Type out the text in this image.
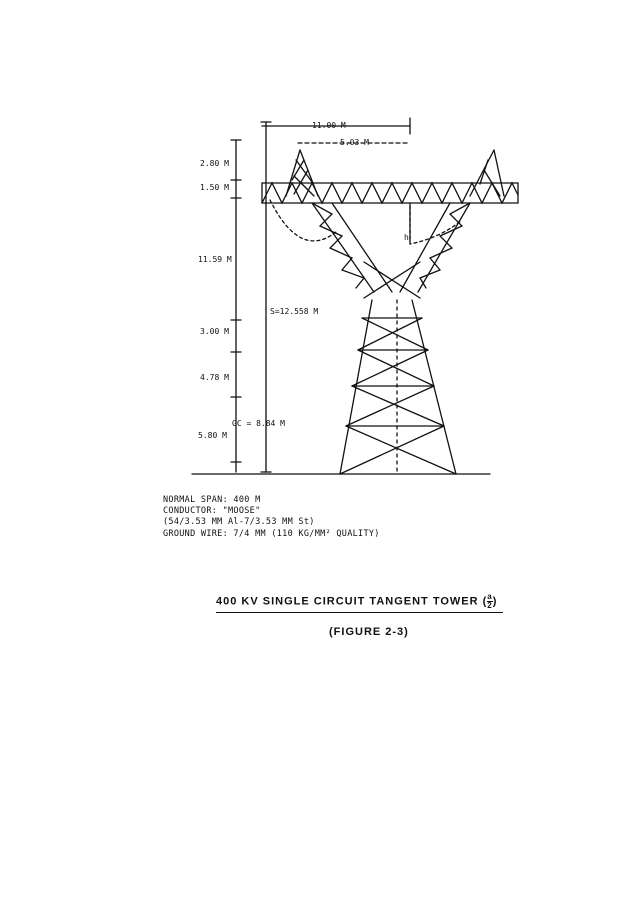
11.00 M
5.03 M
2.80 M
1.50 M
11.59 M
S=12.558 M
3.00 M
4.78 M
GC = 8.84 M
5.80 M
h
NORMAL SPAN: 400 M
CONDUCTOR: "MOOSE"
(54/3.53 MM Al-7/3.53 MM St)
GROUND WIRE: 7/4 MM (110 KG/MM² QUALITY)
400 KV SINGLE CIRCUIT TANGENT TOWER ( $\frac{a}{2}$ )
(FIGURE 2-3)
